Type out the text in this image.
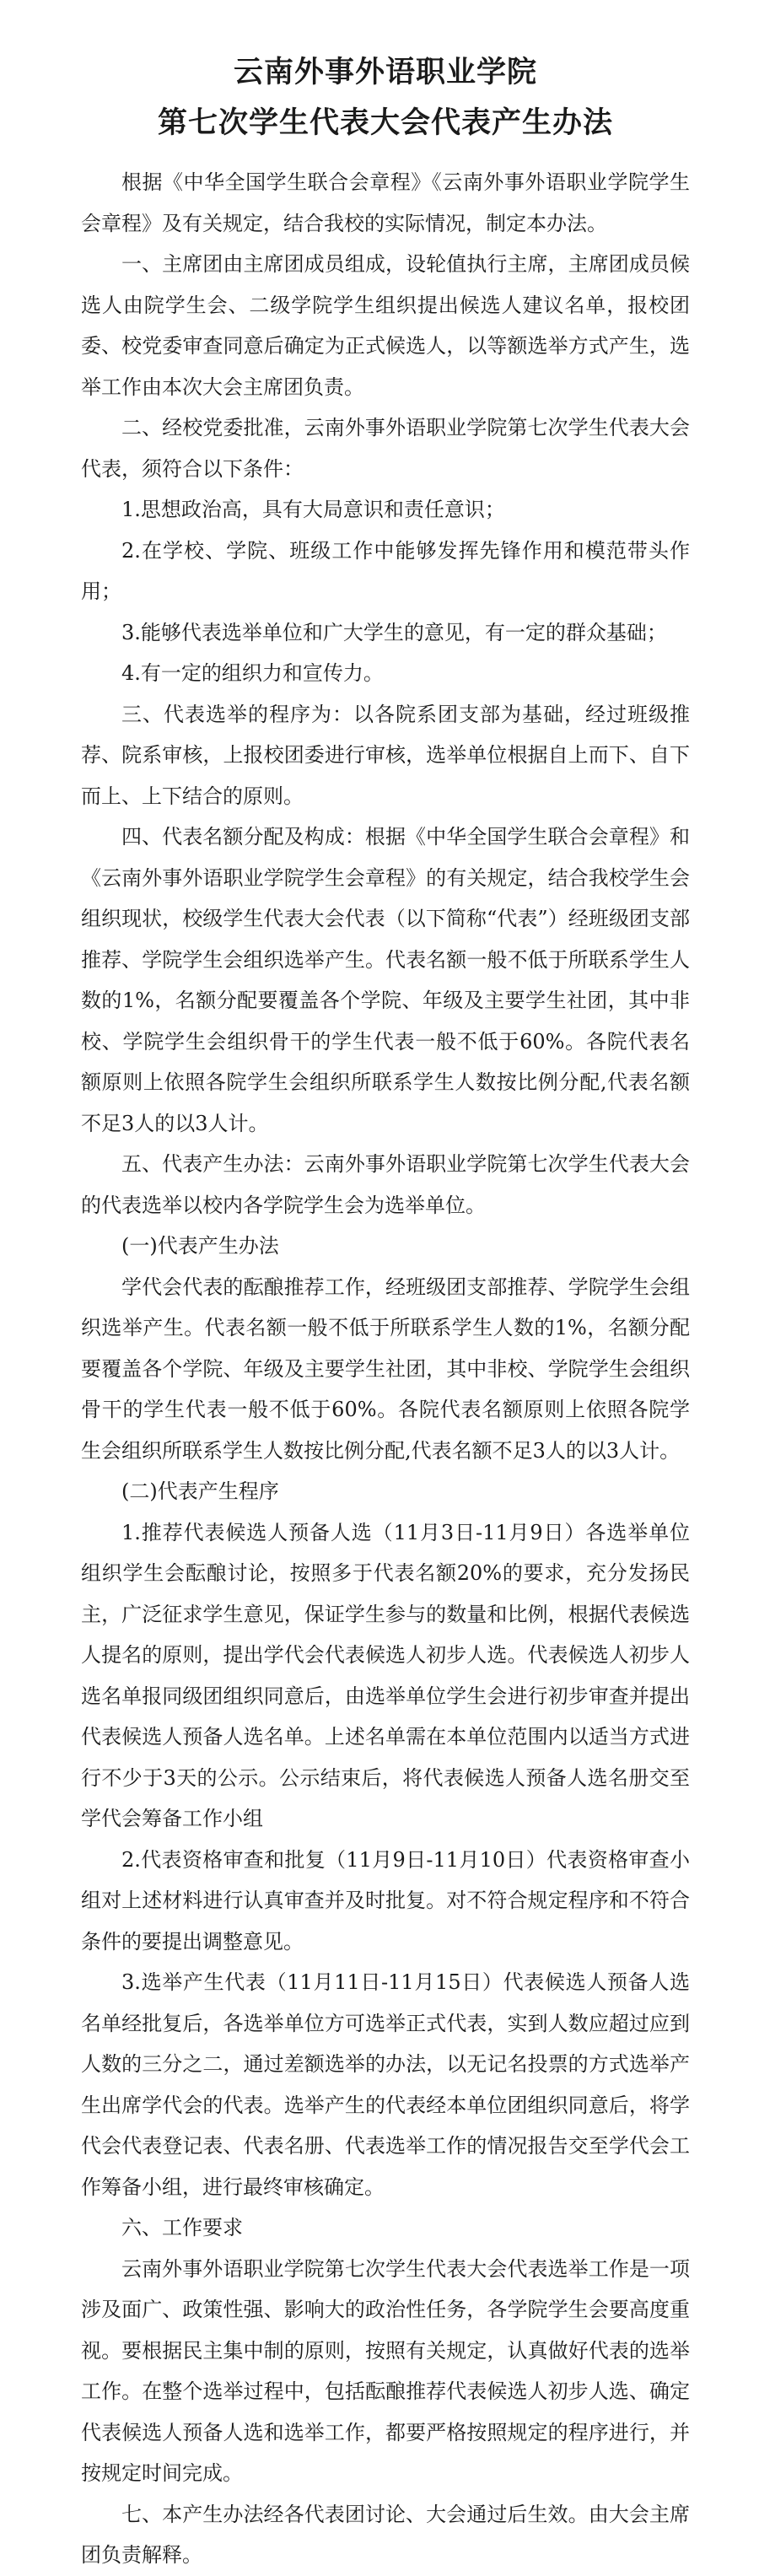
云南外事外语职业学院
第七次学生代表大会代表产生办法

根据《中华全国学生联合会章程》《云南外事外语职业学院学生会章程》及有关规定，结合我校的实际情况，制定本办法。

一、主席团由主席团成员组成，设轮值执行主席，主席团成员候选人由院学生会、二级学院学生组织提出候选人建议名单，报校团委、校党委审查同意后确定为正式候选人，以等额选举方式产生，选举工作由本次大会主席团负责。

二、经校党委批准，云南外事外语职业学院第七次学生代表大会代表，须符合以下条件：

1.思想政治高，具有大局意识和责任意识；

2.在学校、学院、班级工作中能够发挥先锋作用和模范带头作用；

3.能够代表选举单位和广大学生的意见，有一定的群众基础；

4.有一定的组织力和宣传力。

三、代表选举的程序为：以各院系团支部为基础，经过班级推荐、院系审核，上报校团委进行审核，选举单位根据自上而下、自下而上、上下结合的原则。

四、代表名额分配及构成：根据《中华全国学生联合会章程》和《云南外事外语职业学院学生会章程》的有关规定，结合我校学生会组织现状，校级学生代表大会代表（以下简称“代表”）经班级团支部推荐、学院学生会组织选举产生。代表名额一般不低于所联系学生人数的1%，名额分配要覆盖各个学院、年级及主要学生社团，其中非校、学院学生会组织骨干的学生代表一般不低于60%。各院代表名额原则上依照各院学生会组织所联系学生人数按比例分配,代表名额不足3人的以3人计。

五、代表产生办法：云南外事外语职业学院第七次学生代表大会的代表选举以校内各学院学生会为选举单位。

(一)代表产生办法

学代会代表的酝酿推荐工作，经班级团支部推荐、学院学生会组织选举产生。代表名额一般不低于所联系学生人数的1%，名额分配要覆盖各个学院、年级及主要学生社团，其中非校、学院学生会组织骨干的学生代表一般不低于60%。各院代表名额原则上依照各院学生会组织所联系学生人数按比例分配,代表名额不足3人的以3人计。

(二)代表产生程序

1.推荐代表候选人预备人选（11月3日-11月9日）各选举单位组织学生会酝酿讨论，按照多于代表名额20%的要求，充分发扬民主，广泛征求学生意见，保证学生参与的数量和比例，根据代表候选人提名的原则，提出学代会代表候选人初步人选。代表候选人初步人选名单报同级团组织同意后，由选举单位学生会进行初步审查并提出代表候选人预备人选名单。上述名单需在本单位范围内以适当方式进行不少于3天的公示。公示结束后，将代表候选人预备人选名册交至学代会筹备工作小组

2.代表资格审查和批复（11月9日-11月10日）代表资格审查小组对上述材料进行认真审查并及时批复。对不符合规定程序和不符合条件的要提出调整意见。

3.选举产生代表（11月11日-11月15日）代表候选人预备人选名单经批复后，各选举单位方可选举正式代表，实到人数应超过应到人数的三分之二，通过差额选举的办法，以无记名投票的方式选举产生出席学代会的代表。选举产生的代表经本单位团组织同意后，将学代会代表登记表、代表名册、代表选举工作的情况报告交至学代会工作筹备小组，进行最终审核确定。

六、工作要求

云南外事外语职业学院第七次学生代表大会代表选举工作是一项涉及面广、政策性强、影响大的政治性任务，各学院学生会要高度重视。要根据民主集中制的原则，按照有关规定，认真做好代表的选举工作。在整个选举过程中，包括酝酿推荐代表候选人初步人选、确定代表候选人预备人选和选举工作，都要严格按照规定的程序进行，并按规定时间完成。

七、本产生办法经各代表团讨论、大会通过后生效。由大会主席团负责解释。
